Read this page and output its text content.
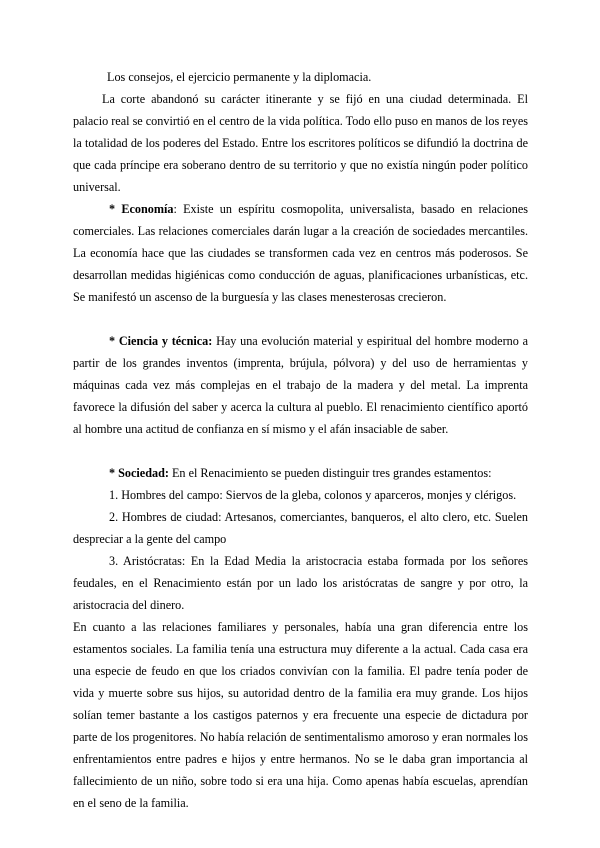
Los consejos, el ejercicio permanente y la diplomacia.

La corte abandonó su carácter itinerante y se fijó en una ciudad determinada. El palacio real se convirtió en el centro de la vida política. Todo ello puso en manos de los reyes la totalidad de los poderes del Estado. Entre los escritores políticos se difundió la doctrina de que cada príncipe era soberano dentro de su territorio y que no existía ningún poder político universal.

* Economía: Existe un espíritu cosmopolita, universalista, basado en relaciones comerciales. Las relaciones comerciales darán lugar a la creación de sociedades mercantiles. La economía hace que las ciudades se transformen cada vez en centros más poderosos. Se desarrollan medidas higiénicas como conducción de aguas, planificaciones urbanísticas, etc. Se manifestó un ascenso de la burguesía y las clases menesterosas crecieron.

* Ciencia y técnica: Hay una evolución material y espiritual del hombre moderno a partir de los grandes inventos (imprenta, brújula, pólvora) y del uso de herramientas y máquinas cada vez más complejas en el trabajo de la madera y del metal. La imprenta favorece la difusión del saber y acerca la cultura al pueblo. El renacimiento científico aportó al hombre una actitud de confianza en sí mismo y el afán insaciable de saber.

* Sociedad: En el Renacimiento se pueden distinguir tres grandes estamentos:

1. Hombres del campo: Siervos de la gleba, colonos y aparceros, monjes y clérigos.

2. Hombres de ciudad: Artesanos, comerciantes, banqueros, el alto clero, etc. Suelen despreciar a la gente del campo

3. Aristócratas: En la Edad Media la aristocracia estaba formada por los señores feudales, en el Renacimiento están por un lado los aristócratas de sangre y por otro, la aristocracia del dinero.

En cuanto a las relaciones familiares y personales, había una gran diferencia entre los estamentos sociales. La familia tenía una estructura muy diferente a la actual. Cada casa era una especie de feudo en que los criados convivían con la familia. El padre tenía poder de vida y muerte sobre sus hijos, su autoridad dentro de la familia era muy grande. Los hijos solían temer bastante a los castigos paternos y era frecuente una especie de dictadura por parte de los progenitores. No había relación de sentimentalismo amoroso y eran normales los enfrentamientos entre padres e hijos y entre hermanos. No se le daba gran importancia al fallecimiento de un niño, sobre todo si era una hija. Como apenas había escuelas, aprendían en el seno de la familia.
